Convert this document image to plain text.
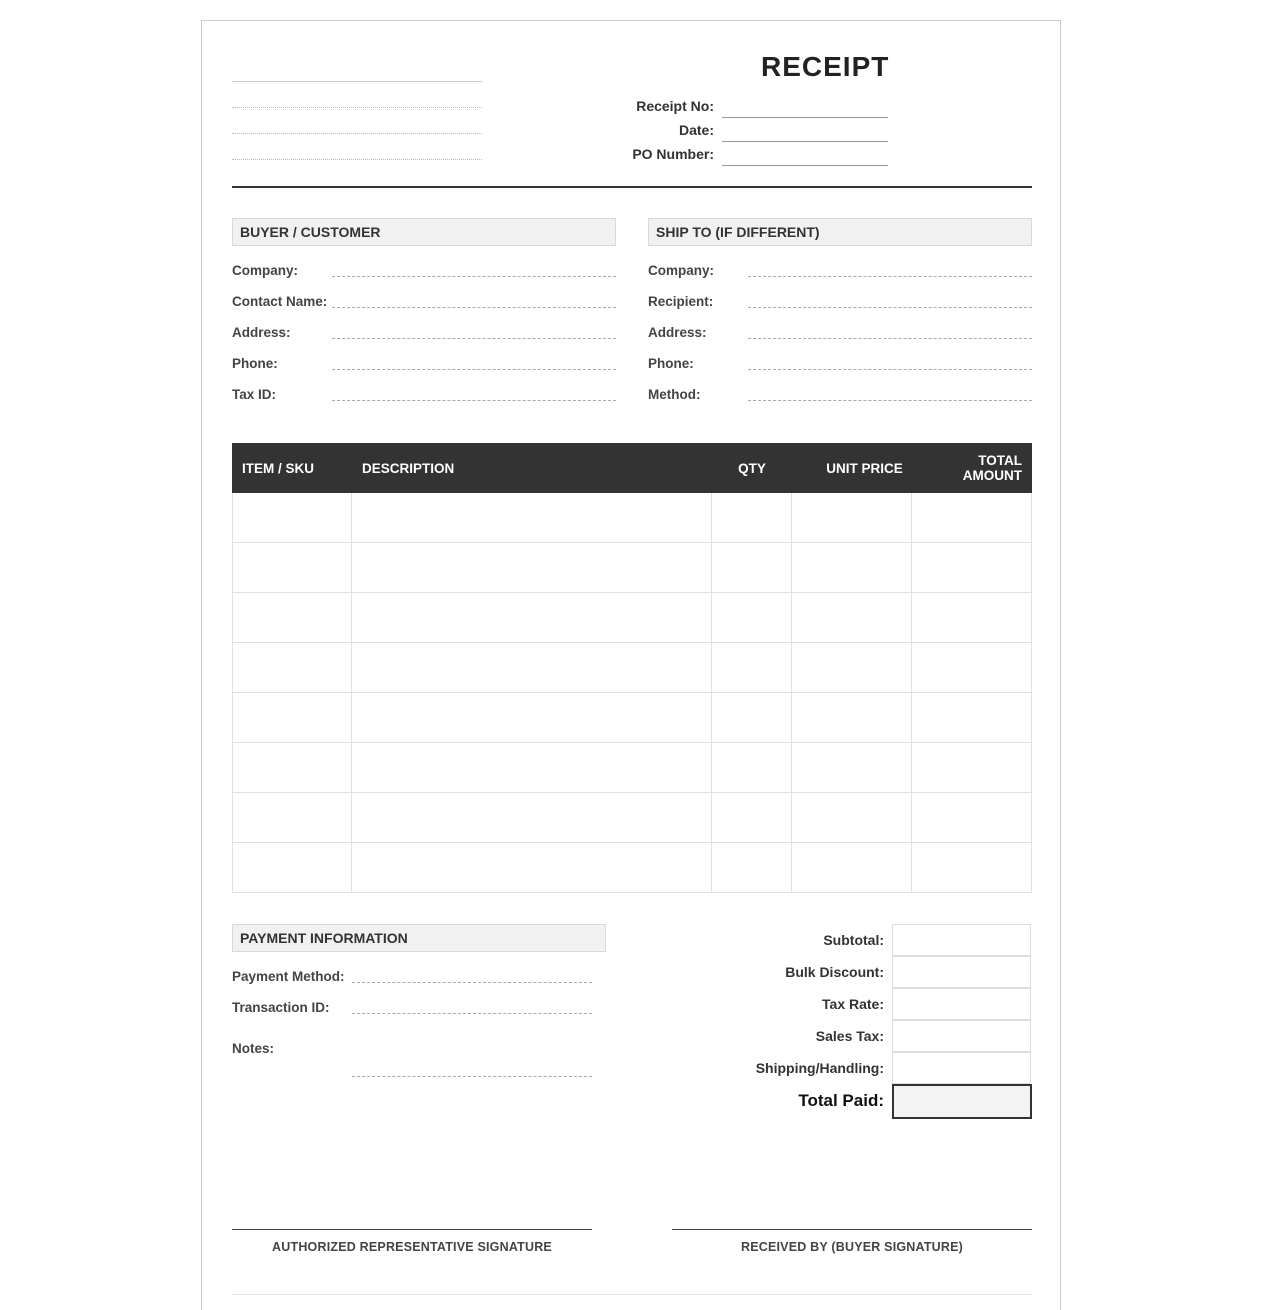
RECEIPT
Receipt No:
Date:
PO Number:
BUYER / CUSTOMER
Company:
Contact Name:
Address:
Phone:
Tax ID:
SHIP TO (IF DIFFERENT)
Company:
Recipient:
Address:
Phone:
Method:
ITEM / SKU	DESCRIPTION	QTY	UNIT PRICE	TOTAL AMOUNT
PAYMENT INFORMATION
Payment Method:
Transaction ID:
Notes:
Subtotal:
Bulk Discount:
Tax Rate:
Sales Tax:
Shipping/Handling:
Total Paid:
AUTHORIZED REPRESENTATIVE SIGNATURE	RECEIVED BY (BUYER SIGNATURE)
